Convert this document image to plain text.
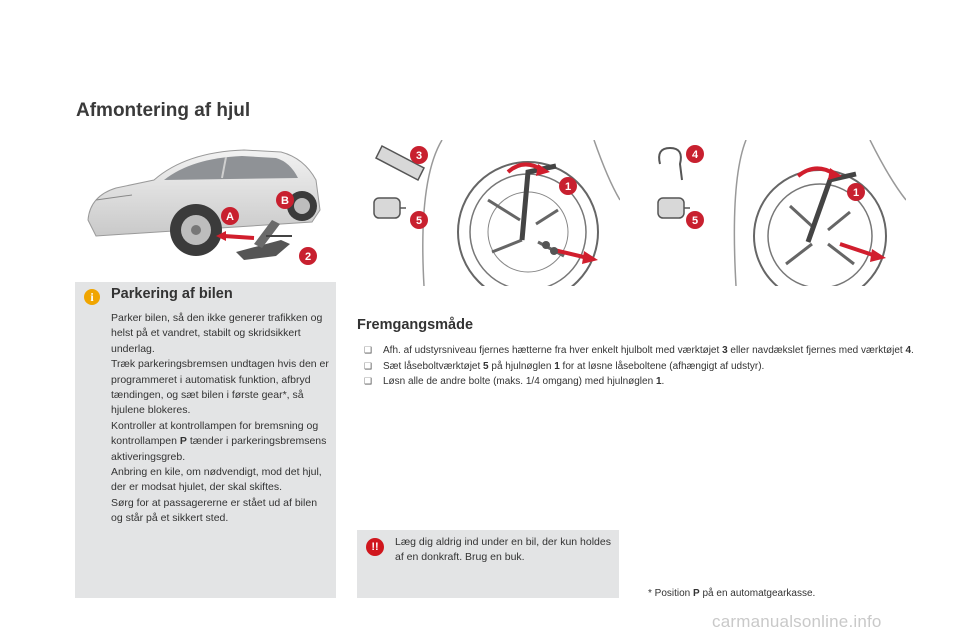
Afmontering af hjul
A
B
2
3
5
1
4
5
1
i	Parkering af bilen

Parker bilen, så den ikke generer trafikken og helst på et vandret, stabilt og skridsikkert underlag.

Træk parkeringsbremsen undtagen hvis den er programmeret i automatisk funktion, afbryd tændingen, og sæt bilen i første gear*, så hjulene blokeres.

Kontroller at kontrollampen for bremsning og kontrollampen P tænder i parkeringsbremsens aktiveringsgreb.

Anbring en kile, om nødvendigt, mod det hjul, der er modsat hjulet, der skal skiftes.

Sørg for at passagererne er stået ud af bilen og står på et sikkert sted.

Fremgangsmåde
❑ Afh. af udstyrsniveau fjernes hætterne fra hver enkelt hjulbolt med værktøjet 3 eller navdækslet fjernes med værktøjet 4.
❑ Sæt låseboltværktøjet 5 på hjulnøglen 1 for at løsne låseboltene (afhængigt af udstyr).
❑ Løsn alle de andre bolte (maks. 1/4 omgang) med hjulnøglen 1.
!!	Læg dig aldrig ind under en bil, der kun holdes af en donkraft. Brug en buk.
* Position P på en automatgearkasse.
carmanualsonline.info
